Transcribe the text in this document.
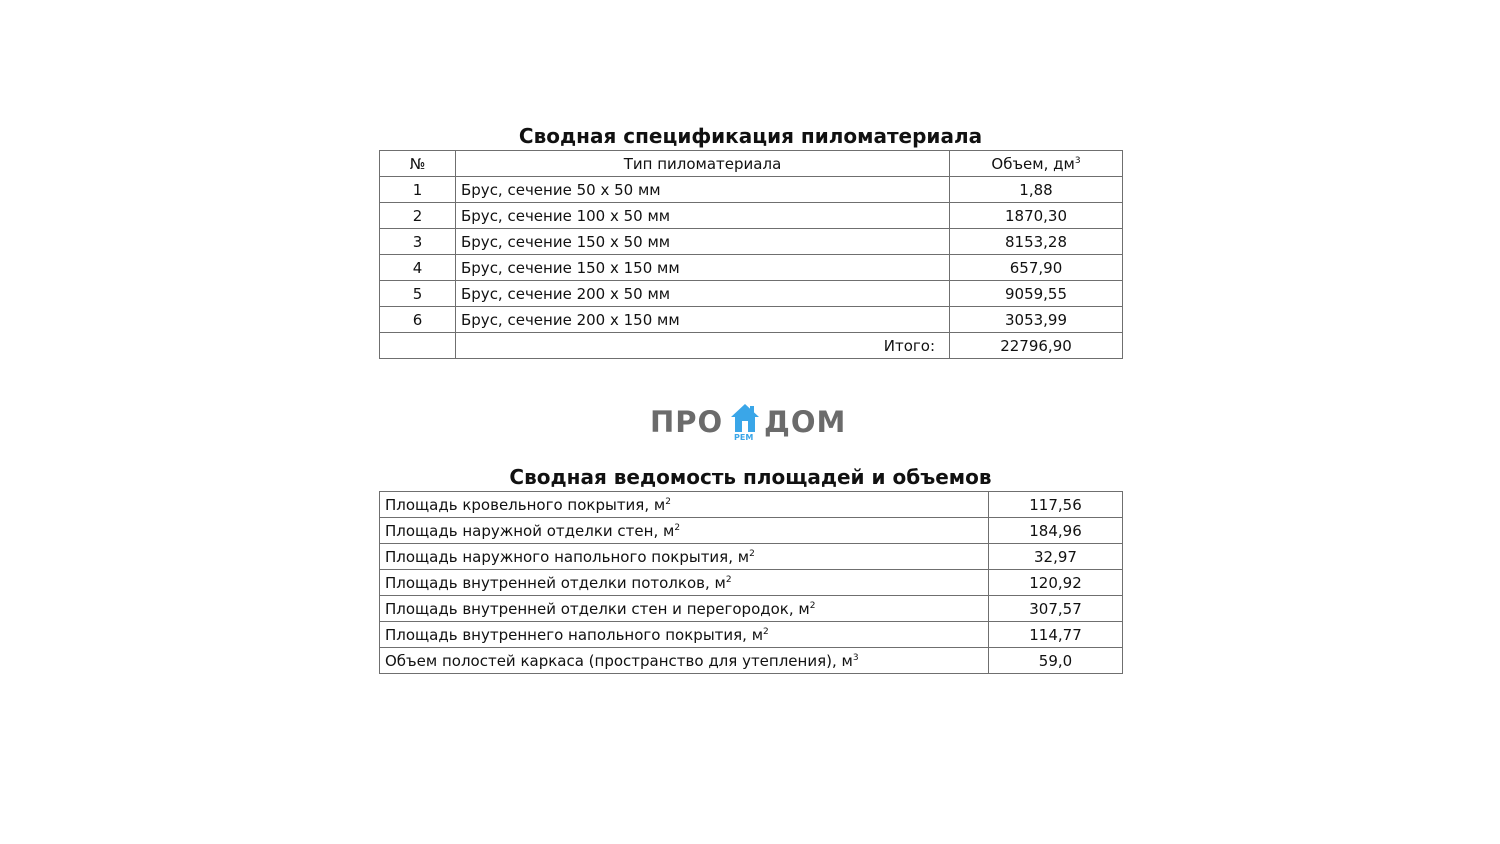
Сводная спецификация пиломатериала
№	Тип пиломатериала	Объем, $дм^3$
1	Брус, сечение 50 х 50 мм	1,88
2	Брус, сечение 100 х 50 мм	1870,30
3	Брус, сечение 150 х 50 мм	8153,28
4	Брус, сечение 150 х 150 мм	657,90
5	Брус, сечение 200 х 50 мм	9059,55
6	Брус, сечение 200 х 150 мм	3053,99
	Итого:	22796,90
ПРО РЕМ ДОМ
Сводная ведомость площадей и объемов
Площадь кровельного покрытия, $м^2$	117,56
Площадь наружной отделки стен, $м^2$	184,96
Площадь наружного напольного покрытия, $м^2$	32,97
Площадь внутренней отделки потолков, $м^2$	120,92
Площадь внутренней отделки стен и перегородок, $м^2$	307,57
Площадь внутреннего напольного покрытия, $м^2$	114,77
Объем полостей каркаса (пространство для утепления), $м^3$	59,0
